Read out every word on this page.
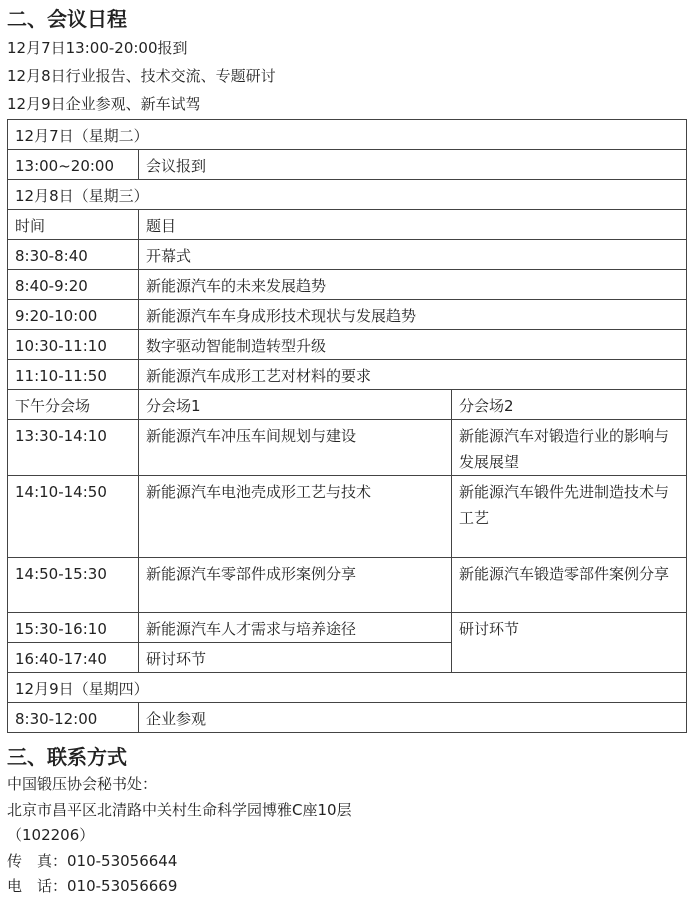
二、会议日程
12月7日13:00-20:00报到
12月8日行业报告、技术交流、专题研讨
12月9日企业参观、新车试驾
12月7日（星期二）		
13:00~20:00	会议报到	
12月8日（星期三）		
时间	题目	
8:30-8:40	开幕式	
8:40-9:20	新能源汽车的未来发展趋势	
9:20-10:00	新能源汽车车身成形技术现状与发展趋势	
10:30-11:10	数字驱动智能制造转型升级	
11:10-11:50	新能源汽车成形工艺对材料的要求	
下午分会场	分会场1	分会场2
13:30-14:10	新能源汽车冲压车间规划与建设	新能源汽车对锻造行业的影响与发展展望
14:10-14:50	新能源汽车电池壳成形工艺与技术	新能源汽车锻件先进制造技术与工艺
14:50-15:30	新能源汽车零部件成形案例分享	新能源汽车锻造零部件案例分享
15:30-16:10	新能源汽车人才需求与培养途径	研讨环节
16:40-17:40	研讨环节	
12月9日（星期四）		
8:30-12:00	企业参观	
三、联系方式
中国锻压协会秘书处：
北京市昌平区北清路中关村生命科学园博雅C座10层
（102206）
传　真：010-53056644
电　话：010-53056669
